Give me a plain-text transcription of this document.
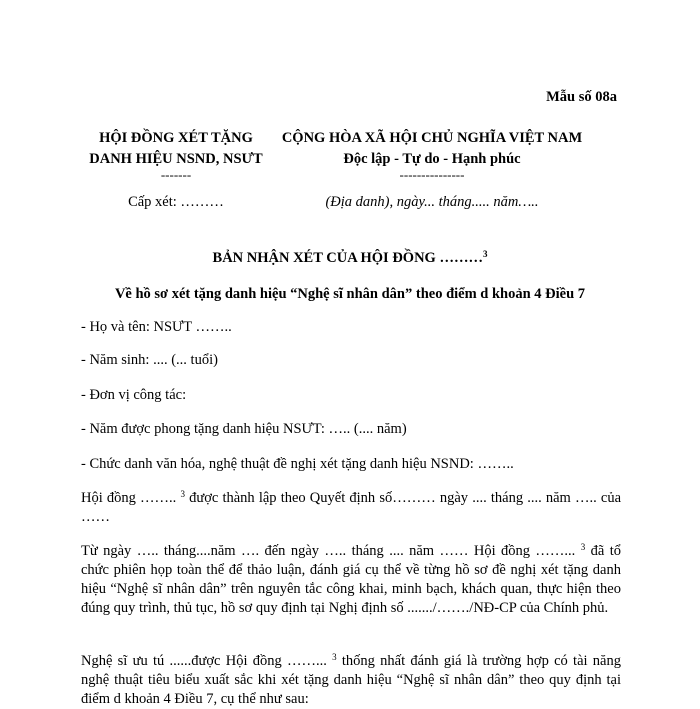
Mẫu số 08a
HỘI ĐỒNG XÉT TẶNG
DANH HIỆU NSND, NSƯT
-------
CỘNG HÒA XÃ HỘI CHỦ NGHĨA VIỆT NAM
Độc lập - Tự do - Hạnh phúc
---------------
Cấp xét: ………	(Địa danh), ngày... tháng..... năm…..
BẢN NHẬN XÉT CỦA HỘI ĐỒNG ………$^3$
Về hồ sơ xét tặng danh hiệu “Nghệ sĩ nhân dân” theo điểm d khoản 4 Điều 7
- Họ và tên: NSƯT ……..
- Năm sinh: .... (... tuổi)
- Đơn vị công tác:
- Năm được phong tặng danh hiệu NSƯT: ….. (.... năm)
- Chức danh văn hóa, nghệ thuật đề nghị xét tặng danh hiệu NSND: ……..
Hội đồng …….. $^3$ được thành lập theo Quyết định số……… ngày .... tháng .... năm ….. của ……
Từ ngày ….. tháng....năm …. đến ngày ….. tháng .... năm …… Hội đồng ……... $^3$ đã tổ chức phiên họp toàn thể để thảo luận, đánh giá cụ thể về từng hồ sơ đề nghị xét tặng danh hiệu “Nghệ sĩ nhân dân” trên nguyên tắc công khai, minh bạch, khách quan, thực hiện theo đúng quy trình, thủ tục, hồ sơ quy định tại Nghị định số ......./……./NĐ-CP của Chính phủ.
Nghệ sĩ ưu tú ......được Hội đồng ……... $^3$ thống nhất đánh giá là trường hợp có tài năng nghệ thuật tiêu biểu xuất sắc khi xét tặng danh hiệu “Nghệ sĩ nhân dân” theo quy định tại điểm d khoản 4 Điều 7, cụ thể như sau:
